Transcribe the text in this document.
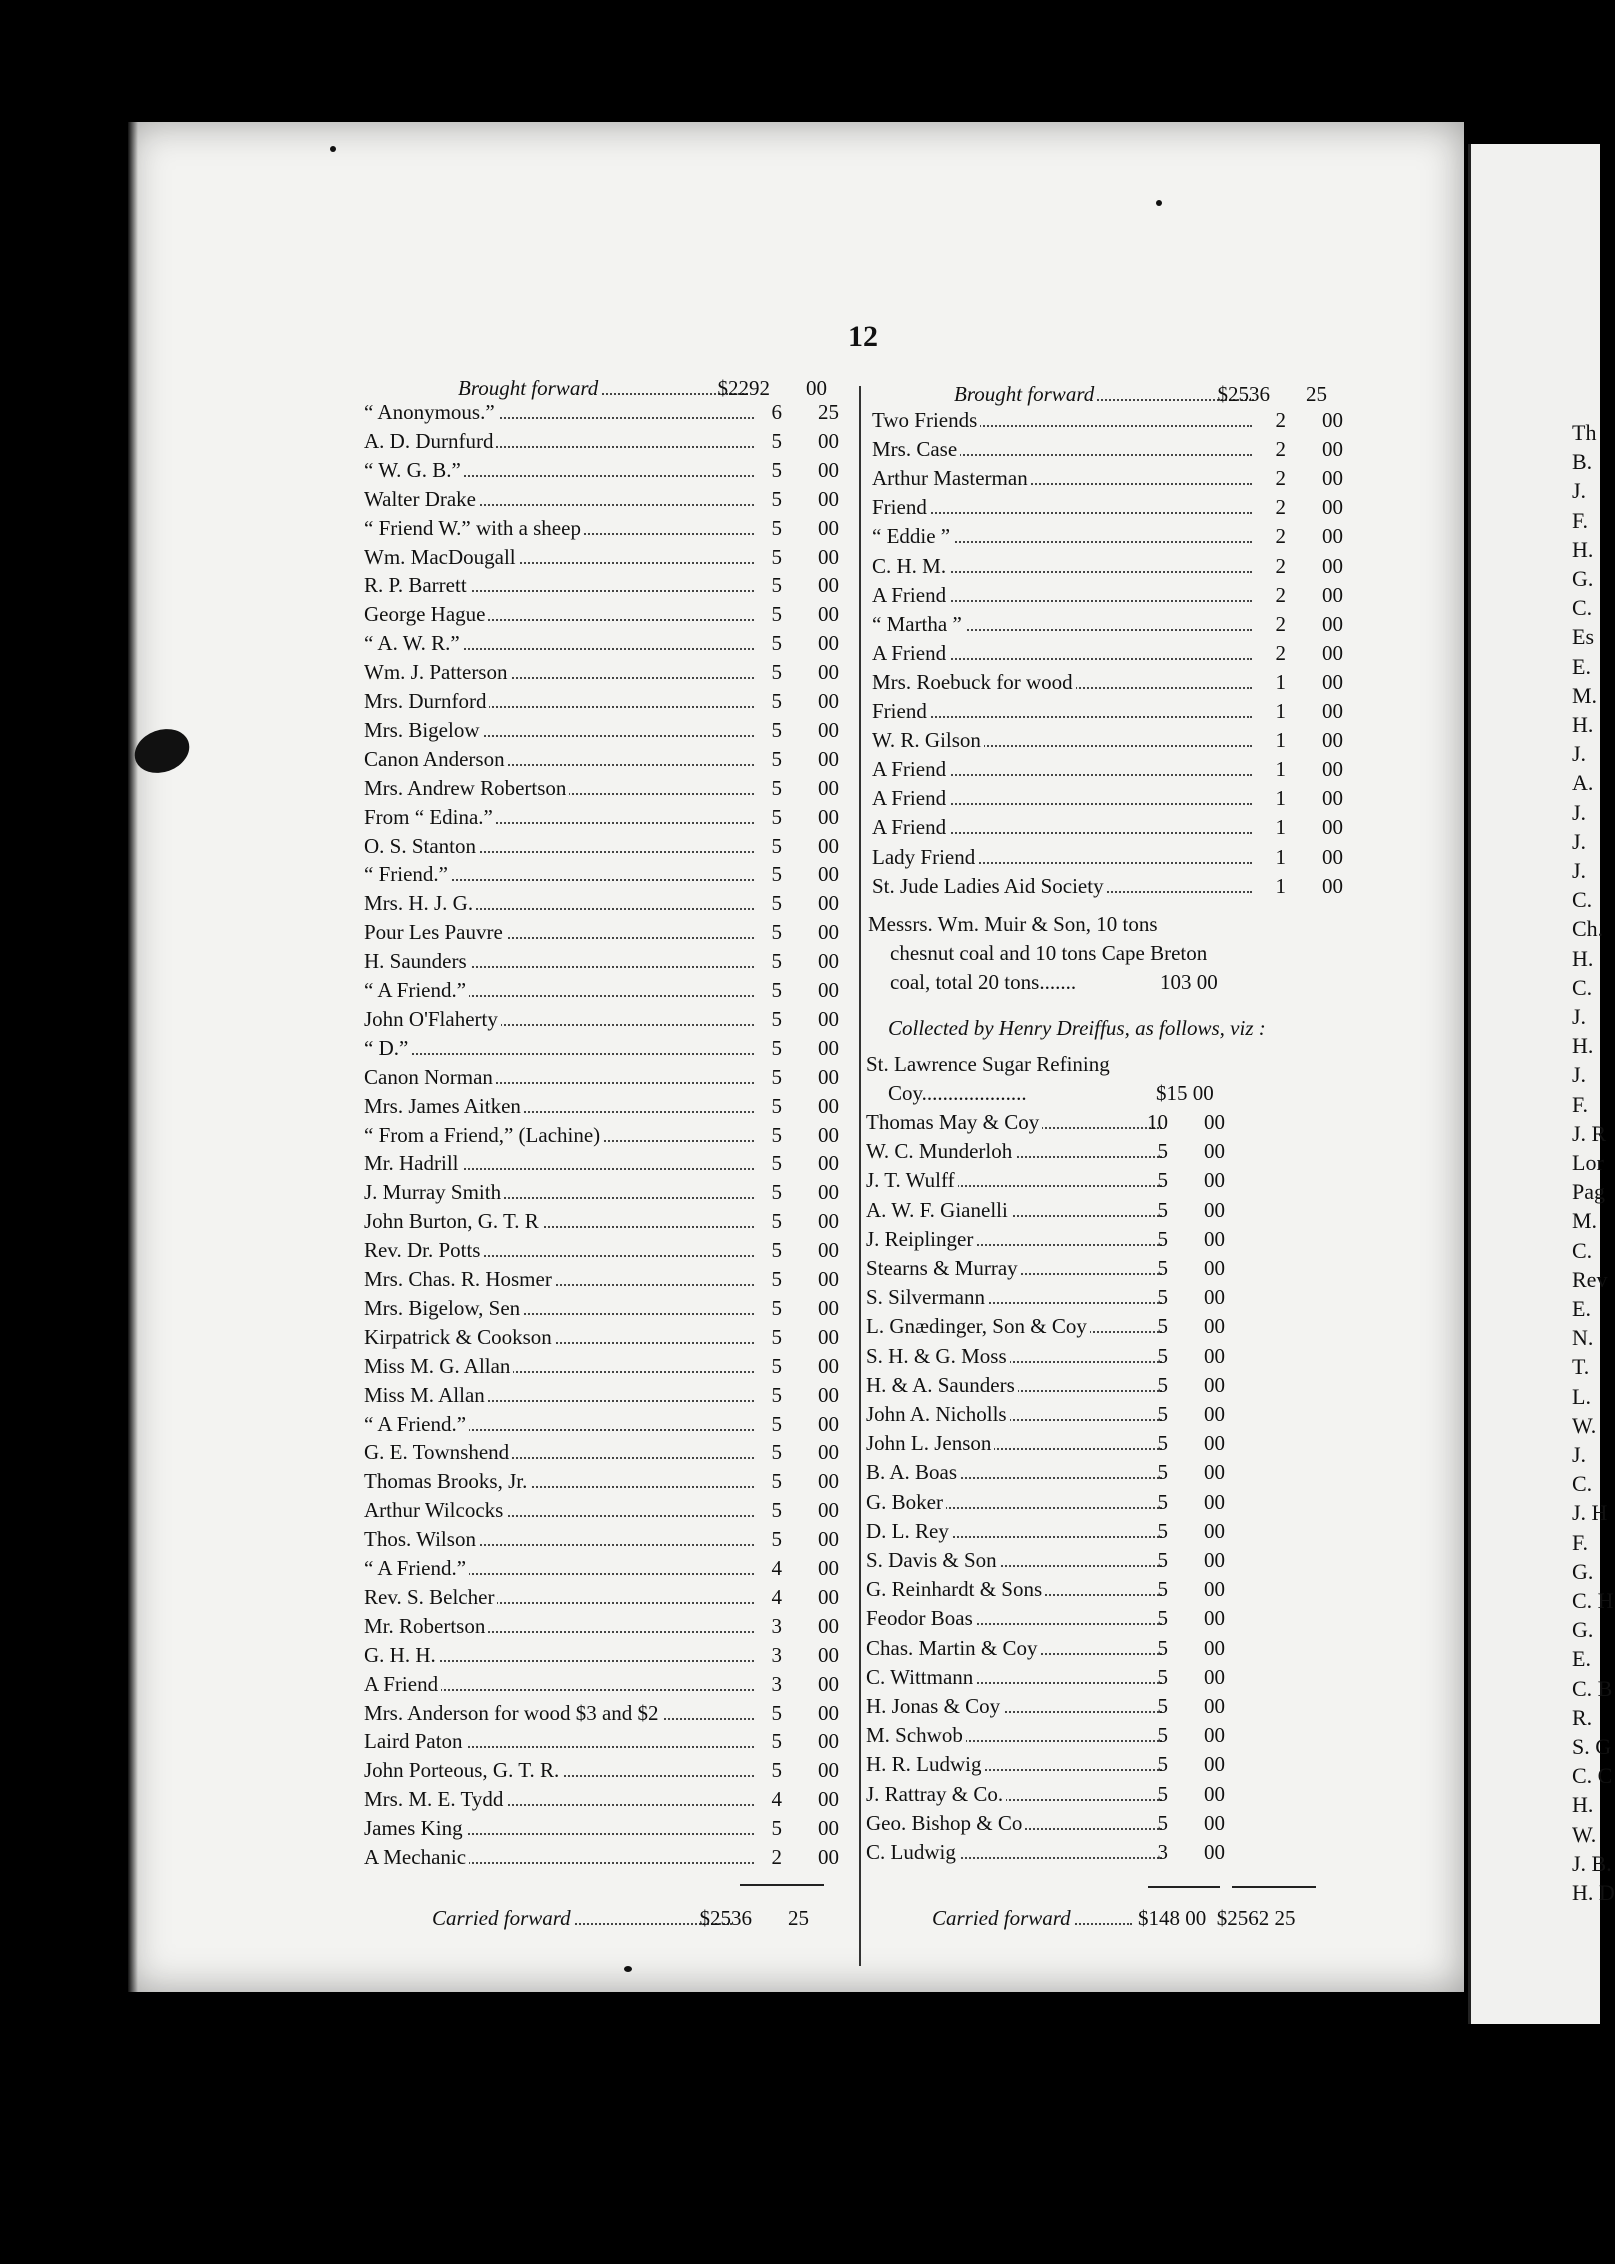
Th
B.
J.
F.
H.
G.
C.
Es
E.
M.
H.
J.
A.
J.
J.
J.
C.
Ch.
H.
C.
J.
H.
J.
F.
J. R
Lor
Pag
M.
C.
Rev
E.
N.
T.
L.
W.
J.
C.
J. H
F.
G.
C. H
G.
E.
C. B
R.
S. G
C. C
H.
W.
J. B.
H. D
12
Brought forward	$2292 00
“ Anonymous.”	6 25
A. D. Durnfurd	5 00
“ W. G. B.”	5 00
Walter Drake	5 00
“ Friend W.” with a sheep	5 00
Wm. MacDougall	5 00
R. P. Barrett	5 00
George Hague	5 00
“ A. W. R.”	5 00
Wm. J. Patterson	5 00
Mrs. Durnford	5 00
Mrs. Bigelow	5 00
Canon Anderson	5 00
Mrs. Andrew Robertson	5 00
From “ Edina.”	5 00
O. S. Stanton	5 00
“ Friend.”	5 00
Mrs. H. J. G.	5 00
Pour Les Pauvre	5 00
H. Saunders	5 00
“ A Friend.”	5 00
John O'Flaherty	5 00
“ D.”	5 00
Canon Norman	5 00
Mrs. James Aitken	5 00
“ From a Friend,” (Lachine)	5 00
Mr. Hadrill	5 00
J. Murray Smith	5 00
John Burton, G. T. R	5 00
Rev. Dr. Potts	5 00
Mrs. Chas. R. Hosmer	5 00
Mrs. Bigelow, Sen	5 00
Kirpatrick & Cookson	5 00
Miss M. G. Allan	5 00
Miss M. Allan	5 00
“ A Friend.”	5 00
G. E. Townshend	5 00
Thomas Brooks, Jr.	5 00
Arthur Wilcocks	5 00
Thos. Wilson	5 00
“ A Friend.”	4 00
Rev. S. Belcher	4 00
Mr. Robertson	3 00
G. H. H.	3 00
A Friend	3 00
Mrs. Anderson for wood $3 and $2	5 00
Laird Paton	5 00
John Porteous, G. T. R.	5 00
Mrs. M. E. Tydd	4 00
James King	5 00
A Mechanic	2 00
Carried forward	$2536 25
Brought forward	$2536 25
Two Friends	2 00
Mrs. Case	2 00
Arthur Masterman	2 00
Friend	2 00
“ Eddie ”	2 00
C. H. M.	2 00
A Friend	2 00
“ Martha ”	2 00
A Friend	2 00
Mrs. Roebuck for wood	1 00
Friend	1 00
W. R. Gilson	1 00
A Friend	1 00
A Friend	1 00
A Friend	1 00
Lady Friend	1 00
St. Jude Ladies Aid Society	1 00
Messrs. Wm. Muir & Son, 10 tons
chesnut coal and 10 tons Cape Breton
coal, total 20 tons.......	103 00
Collected by Henry Dreiffus, as follows, viz :
St. Lawrence Sugar Refining
Coy....................	$15 00
Thomas May & Coy	10 00
W. C. Munderloh	5 00
J. T. Wulff	5 00
A. W. F. Gianelli	5 00
J. Reiplinger	5 00
Stearns & Murray	5 00
S. Silvermann	5 00
L. Gnædinger, Son & Coy	5 00
S. H. & G. Moss	5 00
H. & A. Saunders	5 00
John A. Nicholls	5 00
John L. Jenson	5 00
B. A. Boas	5 00
G. Boker	5 00
D. L. Rey	5 00
S. Davis & Son	5 00
G. Reinhardt & Sons	5 00
Feodor Boas	5 00
Chas. Martin & Coy	5 00
C. Wittmann	5 00
H. Jonas & Coy	5 00
M. Schwob	5 00
H. R. Ludwig	5 00
J. Rattray & Co.	5 00
Geo. Bishop & Co	5 00
C. Ludwig	3 00
Carried forward	$148 00 $2562 25
